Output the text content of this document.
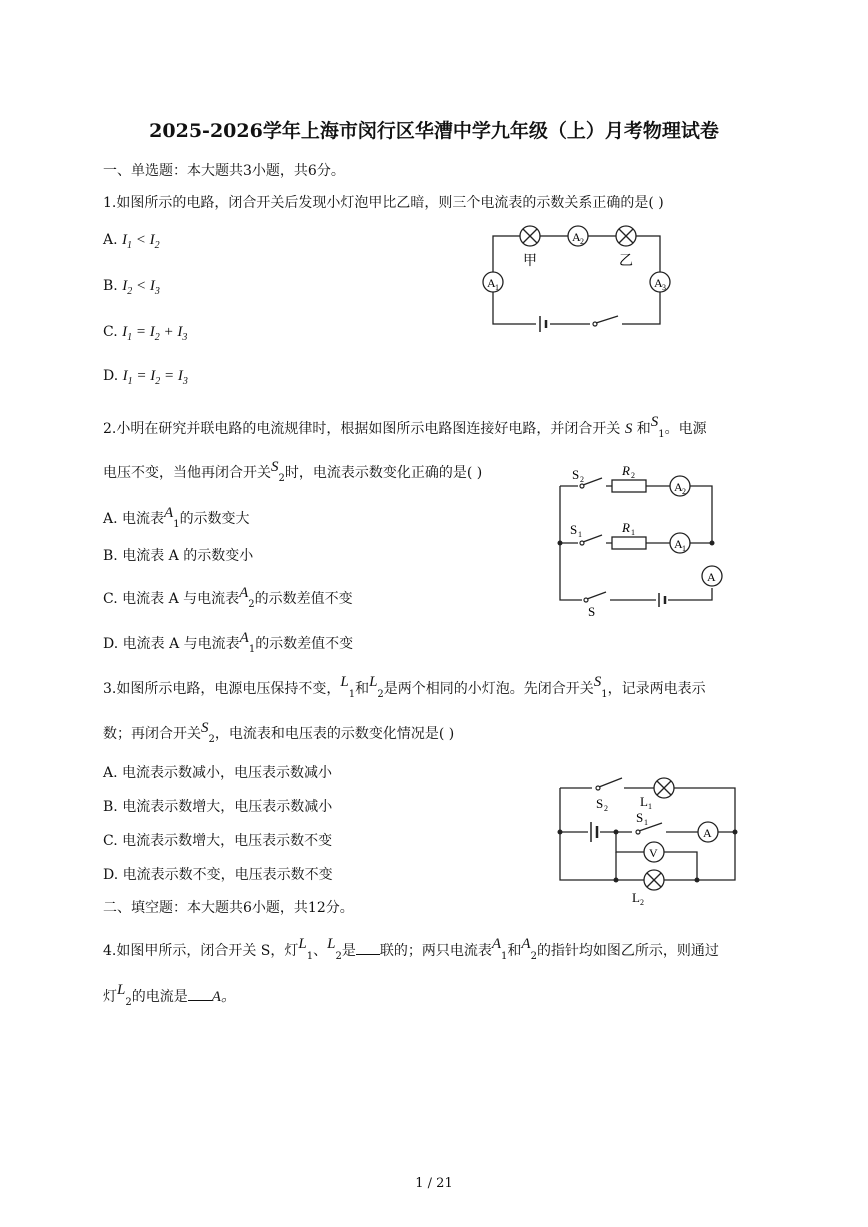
2025-2026学年上海市闵行区华漕中学九年级（上）月考物理试卷
一、单选题：本大题共3小题，共6分。
1.如图所示的电路，闭合开关后发现小灯泡甲比乙暗，则三个电流表的示数关系正确的是( )
A. $I_1 < I_2$
B. $I_2 < I_3$
C. $I_1 = I_2 + I_3$
D. $I_1 = I_2 = I_3$
A 2
甲	乙
A 1	A 3
2.小明在研究并联电路的电流规律时，根据如图所示电路图连接好电路，并闭合开关 S 和$S_1$。电源
电压不变，当他再闭合开关$S_2$时，电流表示数变化正确的是( )
A. 电流表$A_1$的示数变大
B. 电流表 A 的示数变小
C. 电流表 A 与电流表$A_2$的示数差值不变
D. 电流表 A 与电流表$A_1$的示数差值不变
S 2
R 2
A 2
S 1	R 1
A 1
A
S
3.如图所示电路，电源电压保持不变，$L_1$和$L_2$是两个相同的小灯泡。先闭合开关$S_1$，记录两电表示
数；再闭合开关$S_2$，电流表和电压表的示数变化情况是( )
A. 电流表示数减小，电压表示数减小
B. 电流表示数增大，电压表示数减小
C. 电流表示数增大，电压表示数不变
D. 电流表示数不变，电压表示数不变
S 2 L 1
S 1
A
V
L 2
二、填空题：本大题共6小题，共12分。
4.如图甲所示，闭合开关 S，灯$L_1$、$L_2$是 联的；两只电流表$A_1$和$A_2$的指针均如图乙所示，则通过
灯$L_2$的电流是 A。
1 / 21
